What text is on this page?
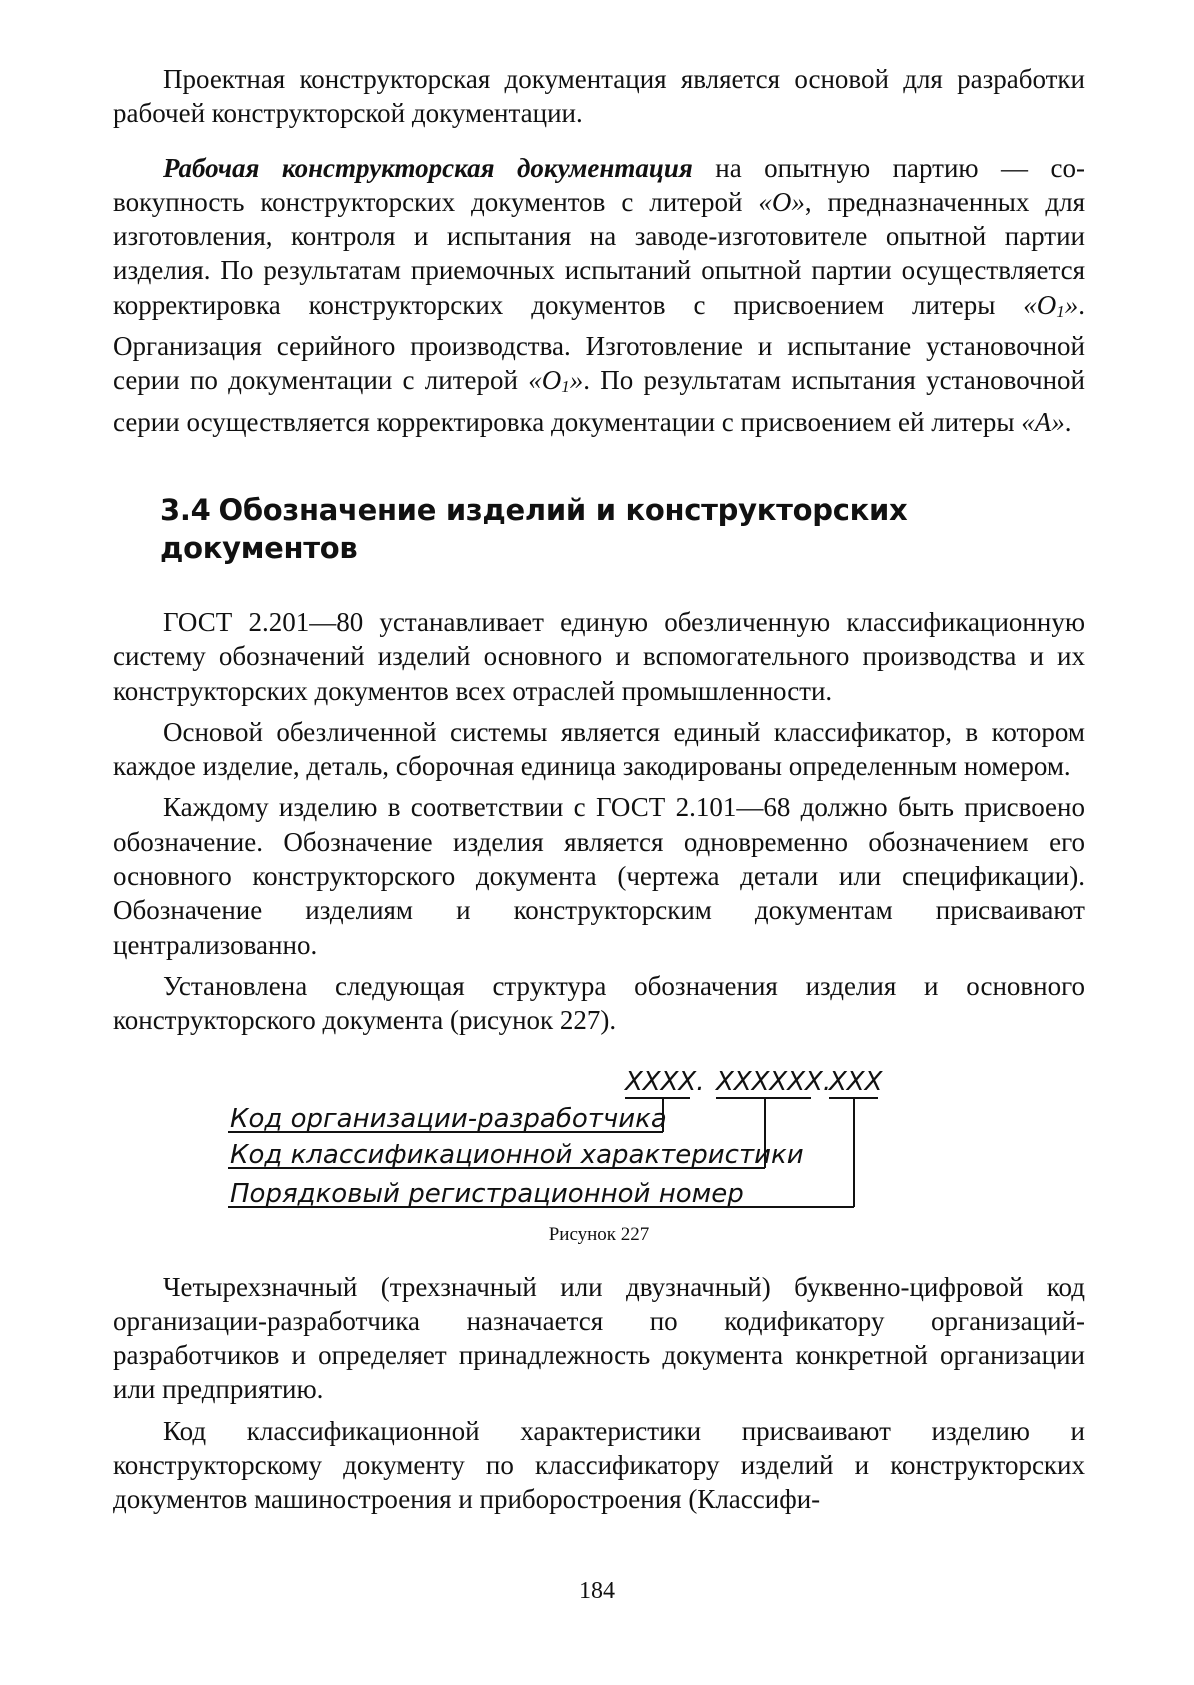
Проектная конструкторская документация является основой для разработки рабочей конструкторской документации.

Рабочая конструкторская документация на опытную партию — совокупность конструкторских документов с литерой «О», предназначенных для изготовления, контроля и испытания на заводе-изготовителе опытной партии изделия. По результатам приемочных испытаний опытной партии осуществляется корректировка конструкторских документов с присвоением литеры «О1». Организация серийного производства. Изготовление и испытание установочной серии по документации с литерой «О1». По результатам испытания установочной серии осуществляется корректировка документации с присвоением ей литеры «А».

3.4 Обозначение изделий и конструкторских документов

ГОСТ 2.201—80 устанавливает единую обезличенную классификационную систему обозначений изделий основного и вспомогательного производства и их конструкторских документов всех отраслей промышленности.

Основой обезличенной системы является единый классификатор, в котором каждое изделие, деталь, сборочная единица закодированы определенным номером.

Каждому изделию в соответствии с ГОСТ 2.101—68 должно быть присвоено обозначение. Обозначение изделия является одновременно обозначением его основного конструкторского документа (чертежа детали или спецификации). Обозначение изделиям и конструкторским документам присваивают централизованно.

Установлена следующая структура обозначения изделия и основного конструкторского документа (рисунок 227).

XXXX. XXXXXX.
XXX
Код организации-разработчика
Код классификационной характеристики
Порядковый регистрационной номер
Рисунок 227

Четырехзначный (трехзначный или двузначный) буквенно-цифровой код организации-разработчика назначается по кодификатору организаций-разработчиков и определяет принадлежность документа конкретной организации или предприятию.

Код классификационной характеристики присваивают изделию и конструкторскому документу по классификатору изделий и конструкторских документов машиностроения и приборостроения (Классифи-

184
